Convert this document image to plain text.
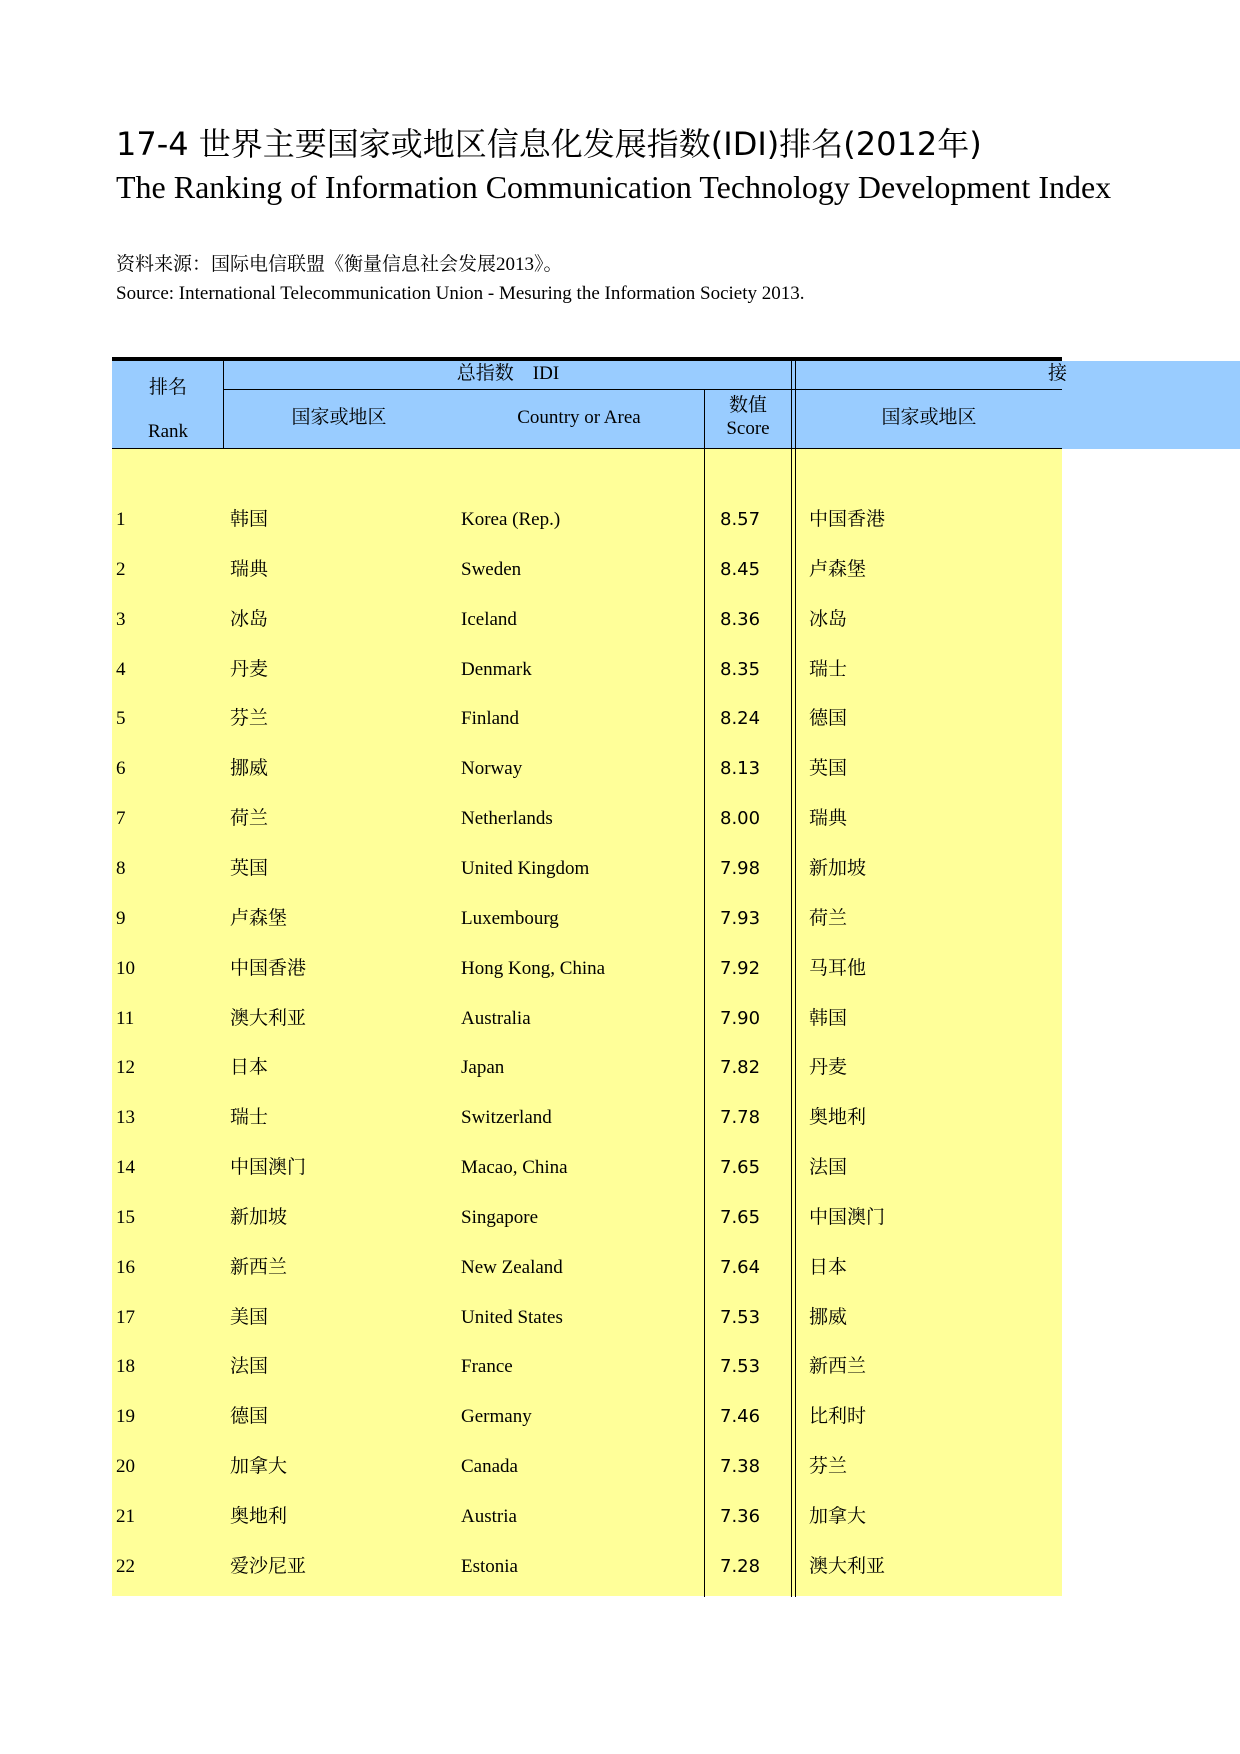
17-4 世界主要国家或地区信息化发展指数(IDI)排名(2012年)
The Ranking of Information Communication Technology Development Index
资料来源：国际电信联盟《衡量信息社会发展2013》。
Source: International Telecommunication Union - Mesuring the Information Society 2013.
排名
Rank
总指数    IDI	接
国家或地区	Country or Area
数值
Score
国家或地区
1	韩国	Korea (Rep.)	8.57	中国香港
2	瑞典	Sweden	8.45	卢森堡
3	冰岛	Iceland	8.36	冰岛
4	丹麦	Denmark	8.35	瑞士
5	芬兰	Finland	8.24	德国
6	挪威	Norway	8.13	英国
7	荷兰	Netherlands	8.00	瑞典
8	英国	United Kingdom	7.98	新加坡
9	卢森堡	Luxembourg	7.93	荷兰
10	中国香港	Hong Kong, China	7.92	马耳他
11	澳大利亚	Australia	7.90	韩国
12	日本	Japan	7.82	丹麦
13	瑞士	Switzerland	7.78	奥地利
14	中国澳门	Macao, China	7.65	法国
15	新加坡	Singapore	7.65	中国澳门
16	新西兰	New Zealand	7.64	日本
17	美国	United States	7.53	挪威
18	法国	France	7.53	新西兰
19	德国	Germany	7.46	比利时
20	加拿大	Canada	7.38	芬兰
21	奥地利	Austria	7.36	加拿大
22	爱沙尼亚	Estonia	7.28	澳大利亚
